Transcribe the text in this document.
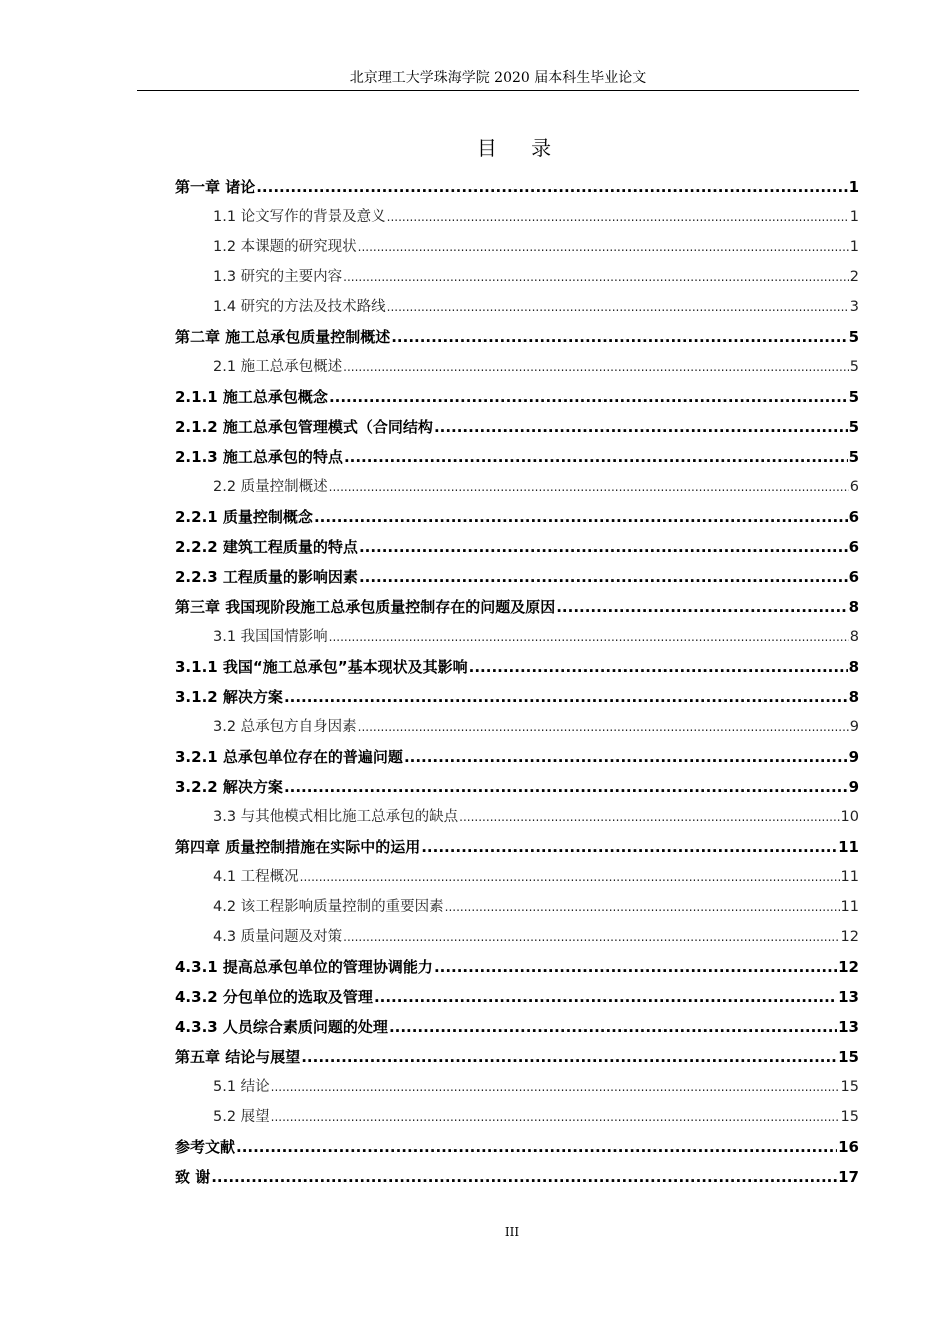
北京理工大学珠海学院 2020 届本科生毕业论文
目 录
第一章 诸论 .....	1
1.1 论文写作的背景及意义 .....	1
1.2 本课题的研究现状 .....	1
1.3 研究的主要内容 .....	2
1.4 研究的方法及技术路线 .....	3
第二章 施工总承包质量控制概述 .....	5
2.1 施工总承包概述 .....	5
2.1.1 施工总承包概念 .....	5
2.1.2 施工总承包管理模式（合同结构 .....	5
2.1.3 施工总承包的特点 .....	5
2.2 质量控制概述 .....	6
2.2.1 质量控制概念 .....	6
2.2.2 建筑工程质量的特点 .....	6
2.2.3 工程质量的影响因素 .....	6
第三章 我国现阶段施工总承包质量控制存在的问题及原因 .....	8
3.1 我国国情影响 .....	8
3.1.1 我国“施工总承包”基本现状及其影响 .....	8
3.1.2 解决方案 .....	8
3.2 总承包方自身因素 .....	9
3.2.1 总承包单位存在的普遍问题 .....	9
3.2.2 解决方案 .....	9
3.3 与其他模式相比施工总承包的缺点 .....	10
第四章 质量控制措施在实际中的运用 .....	11
4.1 工程概况 .....	11
4.2 该工程影响质量控制的重要因素 .....	11
4.3 质量问题及对策 .....	12
4.3.1 提高总承包单位的管理协调能力 .....	12
4.3.2 分包单位的选取及管理 .....	13
4.3.3 人员综合素质问题的处理 .....	13
第五章 结论与展望 .....	15
5.1 结论 .....	15
5.2 展望 .....	15
参考文献 .....	16
致 谢 .....	17
III
